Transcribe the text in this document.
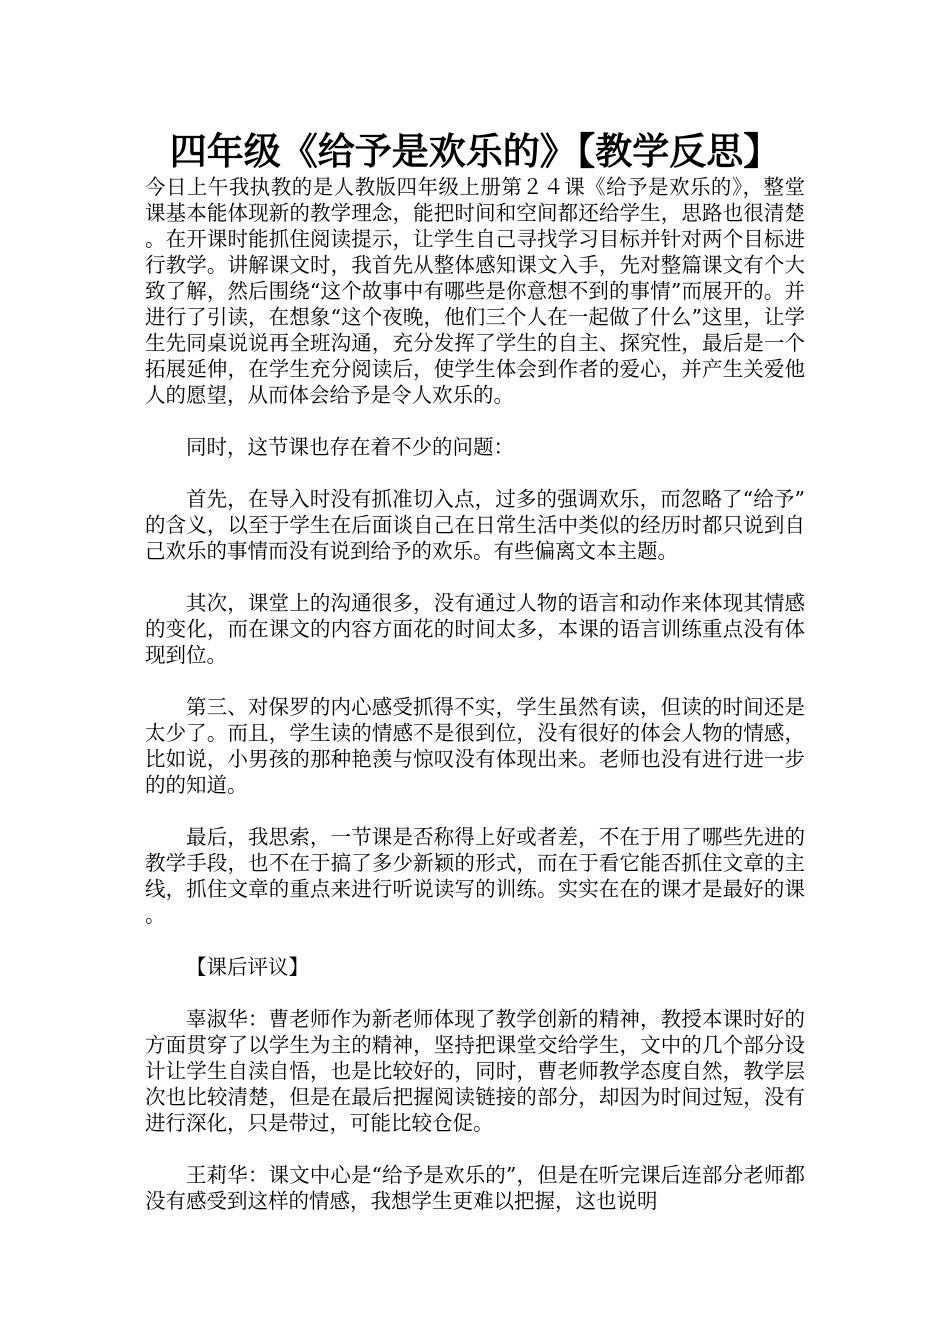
四年级《给予是欢乐的》【教学反思】

今日上午我执教的是人教版四年级上册第２４课《给予是欢乐的》，整堂课基本能体现新的教学理念，能把时间和空间都还给学生，思路也很清楚。在开课时能抓住阅读提示，让学生自己寻找学习目标并针对两个目标进行教学。讲解课文时，我首先从整体感知课文入手，先对整篇课文有个大致了解，然后围绕“这个故事中有哪些是你意想不到的事情”而展开的。并进行了引读，在想象“这个夜晚，他们三个人在一起做了什么”这里，让学生先同桌说说再全班沟通，充分发挥了学生的自主、探究性，最后是一个拓展延伸，在学生充分阅读后，使学生体会到作者的爱心，并产生关爱他人的愿望，从而体会给予是令人欢乐的。

同时，这节课也存在着不少的问题：

首先，在导入时没有抓准切入点，过多的强调欢乐，而忽略了“给予”的含义，以至于学生在后面谈自己在日常生活中类似的经历时都只说到自己欢乐的事情而没有说到给予的欢乐。有些偏离文本主题。

其次，课堂上的沟通很多，没有通过人物的语言和动作来体现其情感的变化，而在课文的内容方面花的时间太多，本课的语言训练重点没有体现到位。

第三、对保罗的内心感受抓得不实，学生虽然有读，但读的时间还是太少了。而且，学生读的情感不是很到位，没有很好的体会人物的情感，比如说，小男孩的那种艳羡与惊叹没有体现出来。老师也没有进行进一步的的知道。

最后，我思索，一节课是否称得上好或者差，不在于用了哪些先进的教学手段，也不在于搞了多少新颖的形式，而在于看它能否抓住文章的主线，抓住文章的重点来进行听说读写的训练。实实在在的课才是最好的课。

【课后评议】

辜淑华：曹老师作为新老师体现了教学创新的精神，教授本课时好的方面贯穿了以学生为主的精神，坚持把课堂交给学生，文中的几个部分设计让学生自渎自悟，也是比较好的，同时，曹老师教学态度自然，教学层次也比较清楚，但是在最后把握阅读链接的部分，却因为时间过短，没有进行深化，只是带过，可能比较仓促。

王莉华：课文中心是“给予是欢乐的”，但是在听完课后连部分老师都没有感受到这样的情感，我想学生更难以把握，这也说明
